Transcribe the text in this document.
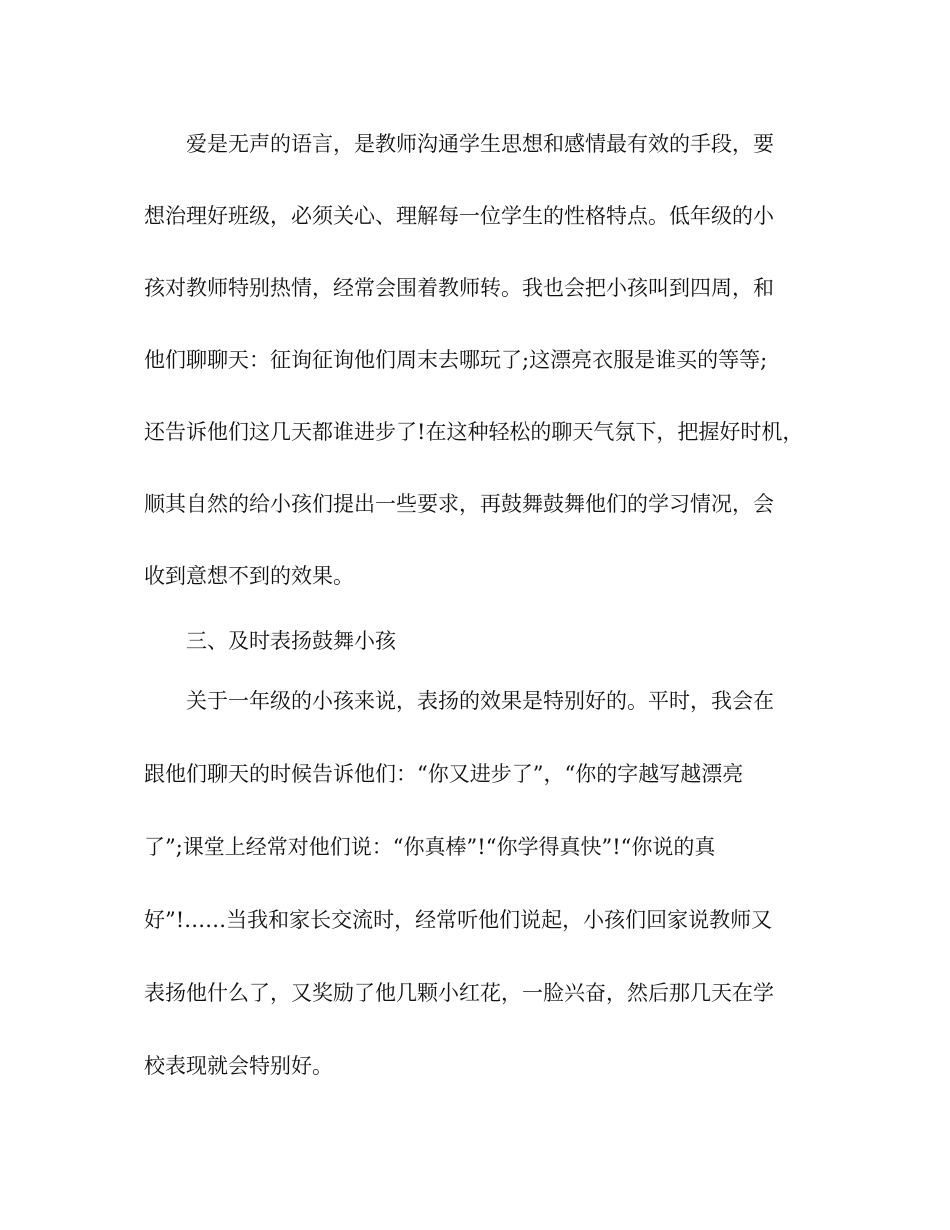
爱是无声的语言，是教师沟通学生思想和感情最有效的手段，要

想治理好班级，必须关心、理解每一位学生的性格特点。低年级的小

孩对教师特别热情，经常会围着教师转。我也会把小孩叫到四周，和

他们聊聊天：征询征询他们周末去哪玩了;这漂亮衣服是谁买的等等;

还告诉他们这几天都谁进步了!在这种轻松的聊天气氛下，把握好时机，

顺其自然的给小孩们提出一些要求，再鼓舞鼓舞他们的学习情况，会

收到意想不到的效果。

三、及时表扬鼓舞小孩

关于一年级的小孩来说，表扬的效果是特别好的。平时，我会在

跟他们聊天的时候告诉他们：“你又进步了”，“你的字越写越漂亮

了”;课堂上经常对他们说：“你真棒”!“你学得真快”!“你说的真

好”!……当我和家长交流时，经常听他们说起，小孩们回家说教师又

表扬他什么了，又奖励了他几颗小红花，一脸兴奋，然后那几天在学

校表现就会特别好。
